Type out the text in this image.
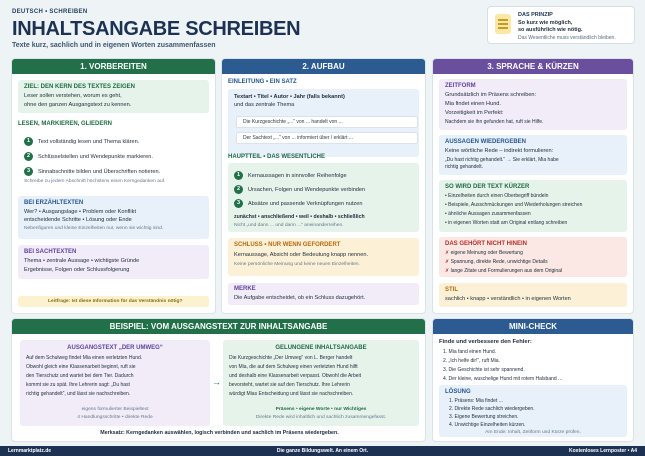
DEUTSCH • SCHREIBEN
INHALTSANGABE SCHREIBEN
Texte kurz, sachlich und in eigenen Worten zusammenfassen
DAS PRINZIP
So kurz wie möglich,
so ausführlich wie nötig.
Das Wesentliche muss verständlich bleiben.
1. VORBEREITEN
ZIEL: DEN KERN DES TEXTES ZEIGEN
Leser sollen verstehen, worum es geht,
ohne den ganzen Ausgangstext zu kennen.
LESEN, MARKIEREN, GLIEDERN
1	Text vollständig lesen und Thema klären.
2	Schlüsselstellen und Wendepunkte markieren.
3	Sinnabschnitte bilden und Überschriften notieren.
Schreibe zu jedem Abschnitt höchstens einen Kerngedanken auf.
BEI ERZÄHLTEXTEN
Wer? • Ausgangslage • Problem oder Konflikt
entscheidende Schritte • Lösung oder Ende
Nebenfiguren und kleine Einzelheiten nur, wenn sie wichtig sind.
BEI SACHTEXTEN
Thema • zentrale Aussage • wichtigste Gründe
Ergebnisse, Folgen oder Schlussfolgerung
Leitfrage: Ist diese Information für das Verständnis nötig?
2. AUFBAU
EINLEITUNG • EIN SATZ
Textart • Titel • Autor • Jahr (falls bekannt)
und das zentrale Thema
Die Kurzgeschichte „...“ von ... handelt von ...
Der Sachtext „...“ von ... informiert über / erklärt ...
HAUPTTEIL • DAS WESENTLICHE
1	Kernaussagen in sinnvoller Reihenfolge
2	Ursachen, Folgen und Wendepunkte verbinden
3	Absätze und passende Verknüpfungen nutzen
zunächst • anschließend • weil • deshalb • schließlich
Nicht „und dann ... und dann ...“ aneinanderreihen.
SCHLUSS • NUR WENN GEFORDERT
Kernaussage, Absicht oder Bedeutung knapp nennen.
Keine persönliche Meinung und keine neuen Einzelheiten.
MERKE
Die Aufgabe entscheidet, ob ein Schluss dazugehört.
3. SPRACHE & KÜRZEN
ZEITFORM
Grundsätzlich im Präsens schreiben:
Mia findet einen Hund.
Vorzeitigkeit im Perfekt:
Nachdem sie ihn gefunden hat, ruft sie Hilfe.
AUSSAGEN WIEDERGEBEN
Keine wörtliche Rede – indirekt formulieren:
„Du hast richtig gehandelt.“ → Sie erklärt, Mia habe
richtig gehandelt.
SO WIRD DER TEXT KÜRZER
• Einzelheiten durch einen Oberbegriff bündeln
• Beispiele, Ausschmückungen und Wiederholungen streichen
• ähnliche Aussagen zusammenfassen
• in eigenen Worten statt am Original entlang schreiben
DAS GEHÖRT NICHT HINEIN
✗ eigene Meinung oder Bewertung
✗ Spannung, direkte Rede, unwichtige Details
✗ lange Zitate und Formulierungen aus dem Original
STIL
sachlich • knapp • verständlich • in eigenen Worten
BEISPIEL: VOM AUSGANGSTEXT ZUR INHALTSANGABE
AUSGANGSTEXT „DER UMWEG“
Auf dem Schulweg findet Mia einen verletzten Hund.
Obwohl gleich eine Klassenarbeit beginnt, ruft sie
den Tierschutz und wartet bei dem Tier. Dadurch
kommt sie zu spät. Ihre Lehrerin sagt: „Du hast
richtig gehandelt“, und lässt sie nachschreiben.
eigens formulierter Beispieltext
4 Handlungsschritte • direkte Rede
→
GELUNGENE INHALTSANGABE
Die Kurzgeschichte „Der Umweg“ von L. Berger handelt
von Mia, die auf dem Schulweg einen verletzten Hund hilft
und deshalb eine Klassenarbeit verpasst. Obwohl die Arbeit
bevorsteht, wartet sie auf den Tierschutz. Ihre Lehrerin
würdigt Mias Entscheidung und lässt sie nachschreiben.
Präsens • eigene Worte • nur Wichtiges
Direkte Rede wird inhaltlich und sachlich zusammengefasst.
Merksatz: Kerngedanken auswählen, logisch verbinden und sachlich im Präsens wiedergeben.
MINI-CHECK
Finde und verbessere den Fehler:
1. Mia fand einen Hund.
2. „Ich helfe dir!“, ruft Mia.
3. Die Geschichte ist sehr spannend.
4. Der kleine, wuschelige Hund mit rotem Halsband ...
LÖSUNG
1. Präsens: Mia findet ...
2. Direkte Rede sachlich wiedergeben.
3. Eigene Bewertung streichen.
4. Unwichtige Einzelheiten kürzen.
Am Ende: Inhalt, Zeitform und Kürze prüfen.
Lernmarktplatz.de	Die ganze Bildungswelt. An einem Ort.	Kostenloses Lernposter • A4
